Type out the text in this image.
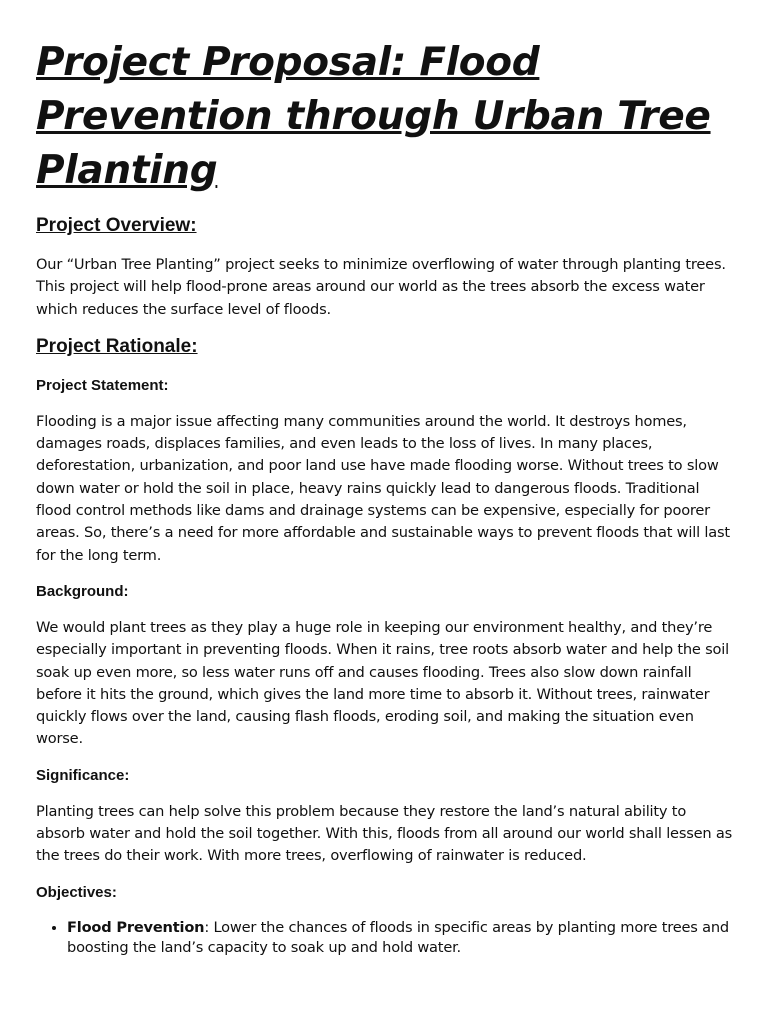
Project Proposal: Flood Prevention through Urban Tree Planting
Project Overview:

Our “Urban Tree Planting” project seeks to minimize overflowing of water through planting trees. This project will help flood-prone areas around our world as the trees absorb the excess water which reduces the surface level of floods.

Project Rationale:
Project Statement:

Flooding is a major issue affecting many communities around the world. It destroys homes, damages roads, displaces families, and even leads to the loss of lives. In many places, deforestation, urbanization, and poor land use have made flooding worse. Without trees to slow down water or hold the soil in place, heavy rains quickly lead to dangerous floods. Traditional flood control methods like dams and drainage systems can be expensive, especially for poorer areas. So, there’s a need for more affordable and sustainable ways to prevent floods that will last for the long term.

Background:

We would plant trees as they play a huge role in keeping our environment healthy, and they’re especially important in preventing floods. When it rains, tree roots absorb water and help the soil soak up even more, so less water runs off and causes flooding. Trees also slow down rainfall before it hits the ground, which gives the land more time to absorb it. Without trees, rainwater quickly flows over the land, causing flash floods, eroding soil, and making the situation even worse.

Significance:

Planting trees can help solve this problem because they restore the land’s natural ability to absorb water and hold the soil together. With this, floods from all around our world shall lessen as the trees do their work. With more trees, overflowing of rainwater is reduced.

Objectives:
• Flood Prevention: Lower the chances of floods in specific areas by planting more trees and boosting the land’s capacity to soak up and hold water.
